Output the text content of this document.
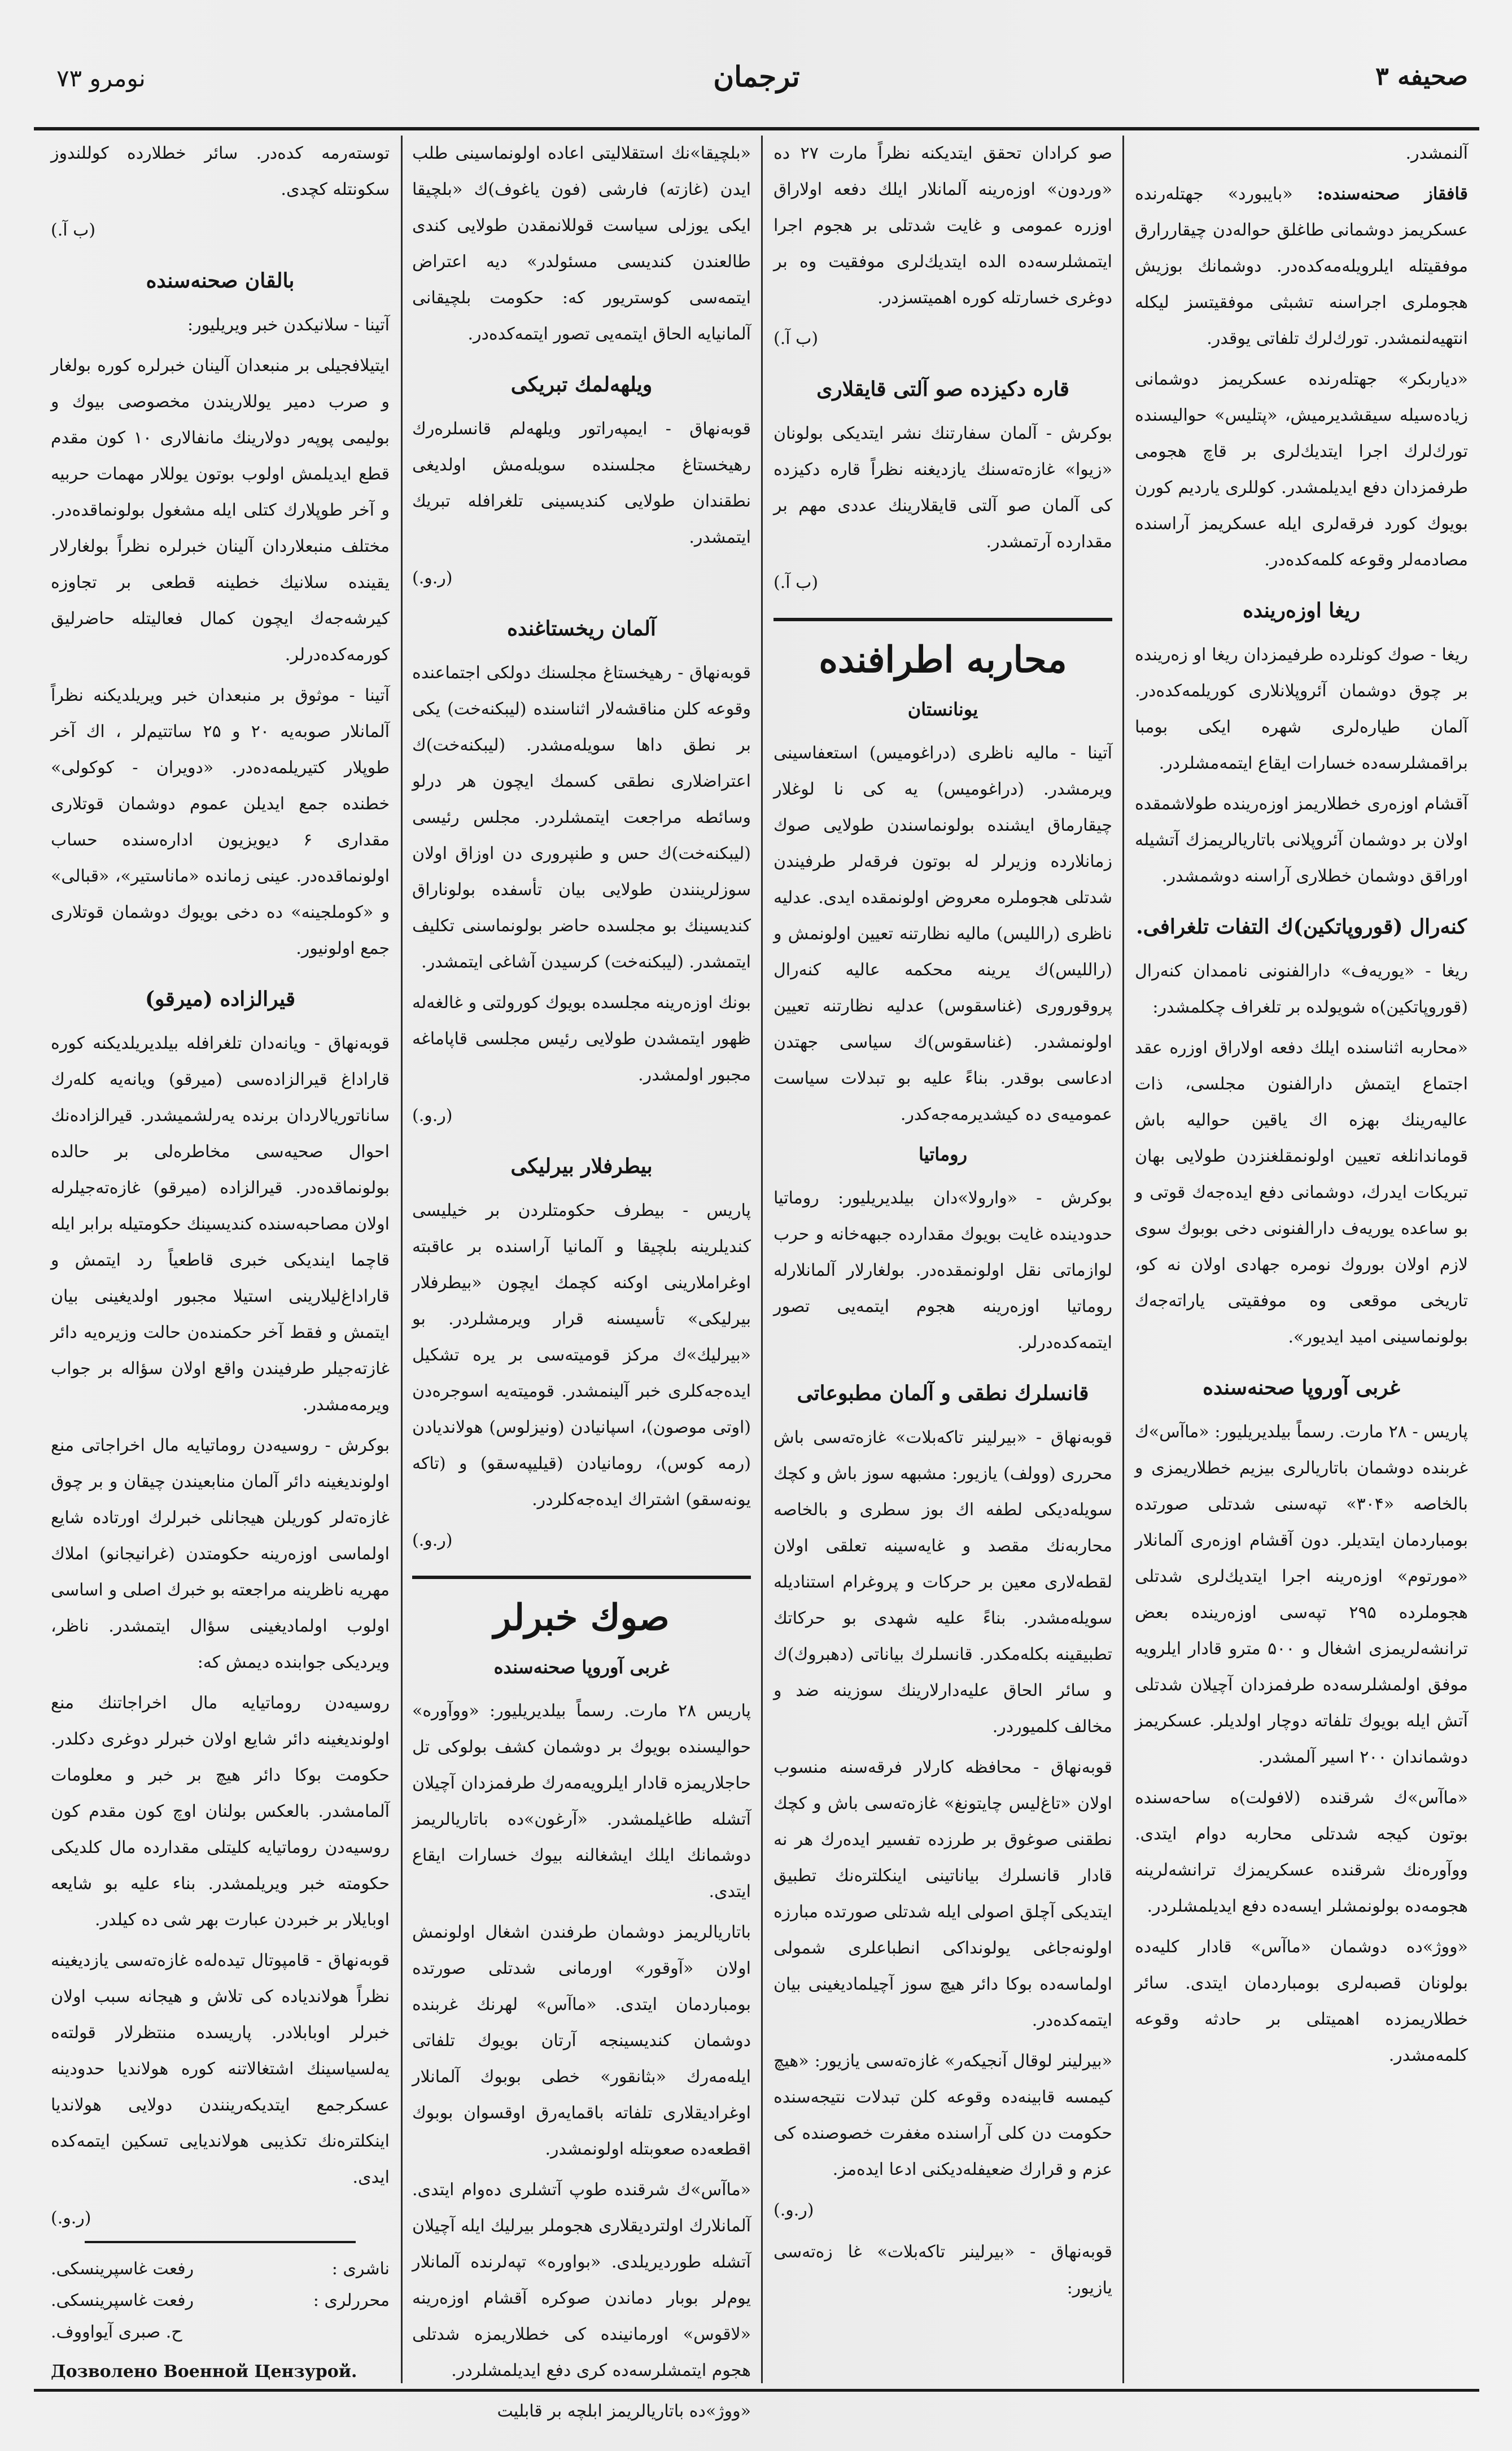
صحیفه ۳
ترجمان
نومرو ۷۳

آلنمشدر.

قافقاز صحنه‌سنده: «بایبورد» جهتله‌رنده عسکریمز دوشمانی طاغلق حواله‌دن چیقاررارق موفقیتله ایلرویله‌مه‌کده‌در. دوشمانك بوزیش هجوملری اجراسنه تشبثی موفقیتسز لیکله انتهیه‌لنمشدر. تورك‌لرك تلفاتی یوقدر.

«دیاربکر» جهتله‌رنده عسکریمز دوشمانی زیاده‌سیله سیقشدیرمیش، «پتلیس» حوالیسنده تورك‌لرك اجرا ایتدیك‌لری بر قاچ هجومی طرفمزدان دفع ایدیلمشدر. کوللری یاردیم کورن بویوك کورد فرقه‌لری ایله عسکریمز آراسنده مصادمه‌لر وقوعه کلمه‌کده‌در.

ریغا اوزه‌رینده

ریغا - صوك کونلرده طرفیمزدان ریغا او زه‌رینده بر چوق دوشمان آئروپلانلاری کوریلمه‌کده‌در. آلمان طیاره‌لری شهره ایکی بومبا براقمشلرسه‌ده خسارات ایقاع ایتمه‌مشلردر.

آقشام اوزه‌ری خطلاریمز اوزه‌رینده طولاشمقده اولان بر دوشمان آئروپلانی باتاریالریمزك آتشیله اوراقق دوشمان خطلاری آراسنه دوشمشدر.

کنه‌رال (قوروپاتکین)ك التفات تلغرافی.

ریغا - «یوریه‌ف» دارالفنونی ناممدان کنه‌رال (قوروپاتکین)ه شویولده بر تلغراف چکلمشدر:

«محاربه اثناسنده ایلك دفعه اولاراق اوزره عقد اجتماع ایتمش دارالفنون مجلسی، ذات عالیه‌رینك بهزه اك یاقین حوالیه باش قوماندانلغه تعیین اولونمقلغنزدن طولایی بهان تبریکات ایدرك، دوشمانی دفع ایده‌جه‌ك قوتی و بو ساعده یوریه‌ف دارالفنونی دخی بوبوك سوی لازم اولان بوروك نومره جهادی اولان نه کو، تاریخی موقعی وه موفقیتی یاراته‌جه‌ك بولونماسینی امید ایدیور».

غربی آوروپا صحنه‌سنده

پاریس - ۲۸ مارت. رسماً بیلدیریلیور: «ماآس»ك غربنده دوشمان باتاریالری بیزیم خطلاریمزی و بالخاصه «۳۰۴» تپه‌سنی شدتلی صورتده بومباردمان ایتدیلر. دون آقشام اوزه‌ری آلمانلار «مورتوم» اوزه‌رینه اجرا ایتدیك‌لری شدتلی هجوملرده ۲۹۵ تپه‌سی اوزه‌رینده بعض ترانشه‌لریمزی اشغال و ۵۰۰ مترو قادار ایلرویه موفق اولمشلرسه‌ده طرفمزدان آچیلان شدتلی آتش ایله بویوك تلفاته دوچار اولدیلر. عسکریمز دوشماندان ۲۰۰ اسیر آلمشدر.

«ماآس»ك شرقنده (لافولت)ه ساحه‌سنده بوتون کیجه شدتلی محاربه دوام ایتدی. ووآوره‌نك شرقنده عسکریمزك ترانشه‌لرینه هجومه‌ده بولونمشلر ایسه‌ده دفع ایدیلمشلردر.

«ووژ»ده دوشمان «ماآس» قادار کلیه‌ده بولونان قصبه‌لری بومباردمان ایتدی. سائر خطلاریمزده اهمیتلی بر حادثه وقوعه کلمه‌مشدر.

صو کرادان تحقق ایتدیکنه نظراً مارت ۲۷ ده «وردون» اوزه‌رینه آلمانلار ایلك دفعه اولاراق اوزره عمومی و غایت شدتلی بر هجوم اجرا ایتمشلرسه‌ده الده ایتدیك‌لری موفقیت وه بر دوغری خسارتله کوره اهمیتسزدر.

(ب آ.)
قاره دکیزده صو آلتی قایقلاری

بوکرش - آلمان سفارتنك نشر ایتدیکی بولونان «زیوا» غازه‌ته‌سنك یازدیغنه نظراً قاره دکیزده کی آلمان صو آلتی قایقلارینك عددی مهم بر مقدارده آرتمشدر.

(ب آ.)
محاربه اطرافنده
یونانستان

آتینا - مالیه ناظری (دراغومیس) استعفاسینی ویرمشدر. (دراغومیس) یه کی نا لوغلار چیقارماق ایشنده بولونماسندن طولایی صوك زمانلارده وزیرلر‌ له بوتون فرقه‌لر طرفیندن شدتلی هجوملره معروض اولونمقده ایدی. عدلیه ناظری (راللیس) مالیه نظارتنه تعیین اولونمش و (راللیس)ك یرینه محکمه عالیه کنه‌رال پروقوروری (غناسقوس) عدلیه نظارتنه تعیین اولونمشدر. (غناسقوس)ك سیاسی جهتدن ادعاسی بوقدر. بناءً علیه بو تبدلات سیاست عمومیه‌ی ده کیشدیرمه‌جه‌کدر.

روماتیا

بوکرش - «وارولا»دان بیلدیریلیور: روماتیا حدودینده غایت بویوك مقدارده جبهه‌خانه و حرب لوازماتی نقل اولونمقده‌در. بولغارلار آلمانلارله روماتیا اوزه‌رینه هجوم ایتمه‌یی تصور ایتمه‌کده‌درلر.

قانسلرك نطقی و آلمان مطبوعاتی

قوبه‌نهاق - «بیرلینر تاکه‌بلات» غازه‌ته‌سی باش محرری (وولف) یازیور: مشبهه سوز باش و کچك سویله‌دیکی لطفه اك بوز سطری و بالخاصه محاربه‌نك مقصد و غایه‌سینه تعلقی اولان لقطه‌لاری معین بر حرکات و پروغرام استنادیله سویله‌مشدر. بناءً علیه شهدی بو حرکاتك تطبیقینه بکله‌مکدر. قانسلرك بیاناتی (دهبروك)ك و سائر الحاق علیه‌دارلارینك سوزینه ضد و مخالف کلمیوردر.

قوبه‌نهاق - محافظه کارلار فرقه‌سنه منسوب اولان «تاغ‌لیس چایتونغ» غازه‌ته‌سی باش و کچك نطقنی صوغوق بر طرزده تفسیر ایده‌رك هر نه قادار قانسلرك بیاناتینی اینکلتره‌نك تطبیق ایتدیکی آچلق اصولی ایله شدتلی صورتده مبارزه اولونه‌جاغی یولونداکی انطباعلری شمولی اولماسه‌ده بوکا دائر هیچ سوز آچیلمادیغینی بیان ایتمه‌کده‌در.

«بیرلینر لوقال آنجیکه‌ر» غازه‌ته‌سی یازیور: «هیچ کیمسه قابینه‌ده وقوعه کلن تبدلات نتیجه‌سنده حکومت دن کلی آراسنده مغفرت خصوصنده کی عزم و قرارك ضعیفله‌دیکنی ادعا ایده‌مز.

(ر.و.)

قوبه‌نهاق - «بیرلینر تاکه‌بلات» غا زه‌ته‌سی یازیور:

«بلچیقا»نك استقلالیتی اعاده اولونماسینی طلب ایدن (غازته) فارشی (فون یاغوف)ك «بلچیقا ایکی یوزلی سیاست قوللانمقدن طولایی کندی طالعندن کندیسی مسئولدر» دیه اعتراض ایتمه‌سی کوستریور که: حکومت بلچیقانی آلمانیایه الحاق ایتمه‌یی تصور ایتمه‌کده‌در.

ویلهه‌لمك تبریکی

قوبه‌نهاق - ایمپه‌راتور ویلهه‌لم قانسلره‌رك رهیخستاغ مجلسنده سویله‌مش اولدیغی نطقندان طولایی کندیسینی تلغرافله تبریك ایتمشدر.

(ر.و.)
آلمان ریخستاغنده

قوبه‌نهاق - رهیخستاغ مجلسنك دولکی اجتماعنده وقوعه کلن مناقشه‌لار اثناسنده (لیبکنه‌خت) یکی بر نطق داها سویله‌مشدر. (لیبکنه‌خت)ك اعتراضلاری نطقی کسمك ایچون هر درلو وسائطه مراجعت ایتمشلردر. مجلس رئیسی (لیبکنه‌خت)ك حس و طنپروری دن اوزاق اولان سوزلرینندن طولایی بیان تأسفده بولوناراق کندیسینك بو مجلسده حاضر بولونماسنی تکلیف ایتمشدر. (لیبکنه‌خت) کرسیدن آشاغی ایتمشدر.

بونك اوزه‌رینه مجلسده بویوك کورولتی و غالغه‌له ظهور ایتمشدن طولایی رئیس مجلسی قاپاماغه مجبور اولمشدر.

(ر.و.)
بیطرفلار بیرلیکی

پاریس - بیطرف حکومتلردن بر خیلیسی کندیلرینه بلچیقا و آلمانیا آراسنده بر عاقبته اوغراملارینی اوکنه کچمك ایچون «بیطرفلار بیرلیکی» تأسیسنه قرار ویرمشلردر. بو «بیرلیك»ك مرکز قومیته‌سی بر یره تشکیل ایده‌جه‌کلری خبر آلینمشدر. قومیته‌یه اسوجره‌دن (اوتی موصون)، اسپانیادن (ونیزلوس) هولاندیادن (رمه کوس)، رومانیادن (قیلیپه‌سقو) و (تاکه یونه‌سقو) اشتراك ایده‌جه‌کلردر.

(ر.و.)
صوك خبرلر
غربی آوروپا صحنه‌سنده

پاریس ۲۸ مارت. رسماً بیلدیریلیور: «ووآوره» حوالیسنده بویوك بر دوشمان کشف بولوکی تل حاجلاریمزه قادار ایلرویه‌مه‌رك طرفمزدان آچیلان آتشله طاغیلمشدر. «آرغون»ده باتاریالریمز دوشمانك ایلك ایشغالنه بیوك خسارات ایقاع ایتدی.

باتاریالریمز دوشمان طرفندن اشغال اولونمش اولان «آوقور» اورمانی شدتلی صورتده بومباردمان ایتدی. «ماآس» لهرنك غربنده دوشمان کندیسینجه آرتان بویوك تلفاتی ایله‌مه‌رك «بثانقور» خطی بوبوك آلمانلار اوغرادیقلاری تلفاته باقمایه‌رق اوقسوان بوبوك اقطعه‌ده صعوبتله اولونمشدر.

«ماآس»ك شرقنده طوپ آتشلری ده‌وام ایتدی. آلمانلارك اولتردیقلاری هجوملر بیرلیك ایله آچیلان آتشله طوردیریلدی. «بواوره» تپه‌لرنده آلمانلار یوم‌لر بوبار دماندن صوکره آقشام اوزه‌رینه «لاقوس» اورمانینده کی خطلاریمزه شدتلی هجوم ایتمشلرسه‌ده کری دفع ایدیلمشلردر.

«ووژ»ده باتاریالریمز ابلچه بر قابلیت

توسته‌رمه کده‌در. سائر خطلارده کوللندوز سکونتله کچدی.

(ب آ.)
بالقان صحنه‌سنده

آتینا - سلانیکدن خبر ویریلیور:

ایتیلافجیلی بر منبعدان آلینان خبرلره کوره بولغار و صرب دمیر یوللاریندن مخصوصی بیوك و بولیمی پوپه‌ر دو‌لارینك مانفالاری ۱۰ کون مقدم قطع ایدیلمش اولوب بوتون یوللار مهمات حربیه و آخر طوپلارك کتلی ایله مشغول بولونماقده‌در. مختلف منبعلاردان آلینان خبرلره نظراً بولغارلار یقینده سلانیك خطینه قطعی بر تجاوزه کیرشه‌جه‌ك ایچون کمال فعالیتله حاضرلیق کورمه‌کده‌درلر.

آتینا - موثوق بر منبعدان خبر ویریلدیکنه نظراً آلمانلار صوبه‌یه ۲۰ و ۲۵ ساتتیم‌لر ، اك آخر طوپلار کتیریلمه‌ده‌در. «دویران - کوکولی» خطنده جمع ایدیلن عموم دوشمان قوتلاری مقداری ۶ دیویزیون اداره‌سنده حساب اولونماقده‌در. عینی زمانده «ماناستیر»، «قبالی» و «کوملجینه» ده دخی بویوك دوشمان قوتلاری جمع اولونیور.

قیرالزاده (میرقو)

قوبه‌نهاق - ویانه‌دان تلغرافله بیلدیریلدیکنه کوره قاراداغ قیرالزاده‌سی (میرقو) ویانه‌یه کله‌رك ساناتوریالاردان برنده یه‌رلشمیشدر. قیرالزاده‌نك احوال صحیه‌سی مخاطره‌لی بر حالده بولونماقده‌در. قیرالزاده (میرقو) غازه‌ته‌جیلرله اولان مصاحبه‌سنده کندیسینك حکومتیله برابر ایله قاچما ایندیکی خبری قاطعیاً رد ایتمش و قاراداغ‌لیلارینی استیلا مجبور اولدیغینی بیان ایتمش و فقط آخر حکمنده‌ن حالت وزیره‌یه دائر غازته‌جیلر طرفیندن واقع اولان سؤاله بر جواب ویرمه‌مشدر.

بوکرش - روسیه‌دن روماتیایه مال اخراجاتی منع اولوندیغینه دائر آلمان منابعیندن چیقان و بر چوق غازه‌ته‌لر کوریلن هیجانلی خبرلرك اورتاده شایع اولماسی اوزه‌رینه حکومتدن (غرانیجانو) املاك مهریه ناظرینه مراجعته بو خبرك اصلی و اساسی اولوب اولمادیغینی سؤال ایتمشدر. ناظر، ویردیکی جوابنده دیمش که:

روسیه‌دن روماتیایه مال اخراجاتنك منع اولوندیغینه دائر شایع اولان خبرلر دوغری دکلدر. حکومت بوکا دائر هیچ بر خبر و معلومات آلمامشدر. بالعکس بولنان اوچ کون مقدم کون روسیه‌دن روماتیایه کلیتلی مقدارده مال کلدیکی حکومته خبر ویریلمشدر. بناء علیه بو شایعه اوبایلار بر خبردن عبارت بهر شی ده کیلدر.

قوبه‌نهاق - قامپوتال تیده‌له‌ه غازه‌ته‌سی یازدیغینه نظراً هولاندیاده کی تلاش و هیجانه سبب اولان خبرلر اوبابلادر. پاریسده منتظرلار قولته‌ه یه‌لسیاسینك اشتغالاتنه کوره هولاندیا حدودینه عسکرجمع ایتدیکه‌رینندن دولایی هولاندیا اینکلتره‌نك تکذیبی هولاندیایی تسکین ایتمه‌کده ایدی.

(ر.و.)
ناشری :
رفعت غاسپرینسکی.
محررلری :
رفعت غاسپرینسکی.
ح. صبری آیواووف.
Дозволено Военной Цензурой.
